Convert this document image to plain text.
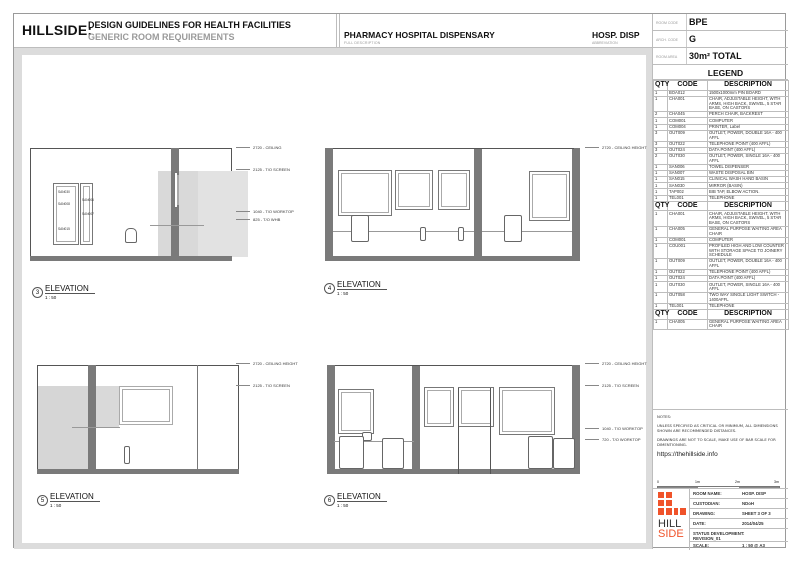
HILLSIDE:
DESIGN GUIDELINES FOR HEALTH FACILITIES
GENERIC ROOM REQUIREMENTS	PHARMACY HOSPITAL DISPENSARY
FULL DESCRIPTION
HOSP. DISP
ABBREVIATION
SAN030
SAN006
SAN008
SAN007
SAN015
2720 - CEILING
2125 - T/O SCREEN
1040 - T/O WORKTOP
825 - T/O WHB
3 ELEVATION
1 : 50
2720 - CEILING HEIGHT
4 ELEVATION
1 : 50
2720 - CEILING HEIGHT
2125 - T/O SCREEN
5 ELEVATION
1 : 50
2720 - CEILING HEIGHT
2125 - T/O SCREEN
1040 - T/O WORKTOP
720 - T/O WORKTOP
6 ELEVATION
1 : 50
ROOM CODE BPE
ARCH. CODE G
ROOM AREA 30m² TOTAL
LEGEND
QTY	CODE	DESCRIPTION
1	BOA012	1500x1000mm PIN BOARD
1	CHA001	CHAIR, ADJUSTABLE HEIGHT, WITH ARMS, HIGH BACK, SWIVEL, 5 STAR BASE, ON CASTORS
2	CHA045	PERCH CHAIR, BACKREST
1	COM001	COMPUTER
1	COM004	PRINTER, Label
3	OUT009	OUTLET, POWER, DOUBLE 16A - 400 AFFL
3	OUT022	TELEPHONE POINT (400 AFFL)
3	OUT024	DATA POINT (400 AFFL)
2	OUT030	OUTLET, POWER, SINGLE 16A - 400 AFFL
1	SAN006	TOWEL DISPENSER
1	SAN007	WASTE DISPOSAL BIN
1	SAN015	CLINICAL WASH HAND BASIN
1	SAN030	MIRROR (BASIN)
1	TAP002	BIB TAP, ELBOW ACTION.
1	TEL001	TELEPHONE
QTY	CODE	DESCRIPTION
1	CHA001	CHAIR, ADJUSTABLE HEIGHT, WITH ARMS, HIGH BACK, SWIVEL, 5 STAR BASE, ON CASTORS
1	CHA005	GENERAL PURPOSE WAITING AREA CHAIR
1	COM001	COMPUTER
1	COU001	PROFILED HIGH AND LOW COUNTER WITH STORAGE SPACE TO JOINERY SCHEDULE
1	OUT009	OUTLET, POWER, DOUBLE 16A - 400 AFFL
1	OUT022	TELEPHONE POINT (400 AFFL)
1	OUT024	DATA POINT (400 AFFL)
1	OUT030	OUTLET, POWER, SINGLE 16A - 400 AFFL
1	OUT058	TWO WAY SINGLE LIGHT SWITCH - 1400AFFL
1	TEL001	TELEPHONE
QTY	CODE	DESCRIPTION
1	CHA005	GENERAL PURPOSE WAITING AREA CHAIR

NOTES:

UNLESS SPECIFIED AS CRITICAL OR MINIMUM, ALL DIMENSIONS SHOWN ARE RECOMMENDED DISTANCES.

DRAWINGS ARE NOT TO SCALE, MAKE USE OF BAR SCALE FOR DIMENTIONING.

https://thehillside.info
0	1m	2m	3m
HILL
SIDE
ROOM NAME:	HOSP. DISP
CUSTODIAN:	NDoH
DRAWING:	SHEET 3 OF 3
DATE:	2014/04/25
STATUS DEVELOPMENT:
REVISION_01
SCALE:	1 : 50 @ A3
